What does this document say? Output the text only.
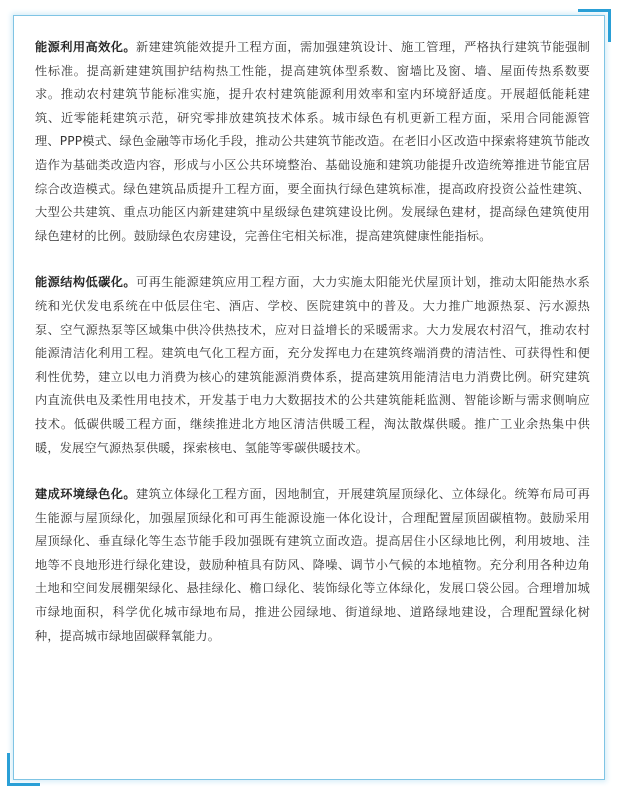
能源利用高效化。新建建筑能效提升工程方面，需加强建筑设计、施工管理，严格执行建筑节能强制性标准。提高新建建筑围护结构热工性能，提高建筑体型系数、窗墙比及窗、墙、屋面传热系数要求。推动农村建筑节能标准实施，提升农村建筑能源利用效率和室内环境舒适度。开展超低能耗建筑、近零能耗建筑示范，研究零排放建筑技术体系。城市绿色有机更新工程方面，采用合同能源管理、PPP模式、绿色金融等市场化手段，推动公共建筑节能改造。在老旧小区改造中探索将建筑节能改造作为基础类改造内容，形成与小区公共环境整治、基础设施和建筑功能提升改造统筹推进节能宜居综合改造模式。绿色建筑品质提升工程方面，要全面执行绿色建筑标准，提高政府投资公益性建筑、大型公共建筑、重点功能区内新建建筑中星级绿色建筑建设比例。发展绿色建材，提高绿色建筑使用绿色建材的比例。鼓励绿色农房建设，完善住宅相关标准，提高建筑健康性能指标。

能源结构低碳化。可再生能源建筑应用工程方面，大力实施太阳能光伏屋顶计划，推动太阳能热水系统和光伏发电系统在中低层住宅、酒店、学校、医院建筑中的普及。大力推广地源热泵、污水源热泵、空气源热泵等区域集中供冷供热技术，应对日益增长的采暖需求。大力发展农村沼气，推动农村能源清洁化利用工程。建筑电气化工程方面，充分发挥电力在建筑终端消费的清洁性、可获得性和便利性优势，建立以电力消费为核心的建筑能源消费体系，提高建筑用能清洁电力消费比例。研究建筑内直流供电及柔性用电技术，开发基于电力大数据技术的公共建筑能耗监测、智能诊断与需求侧响应技术。低碳供暖工程方面，继续推进北方地区清洁供暖工程，淘汰散煤供暖。推广工业余热集中供暖，发展空气源热泵供暖，探索核电、氢能等零碳供暖技术。

建成环境绿色化。建筑立体绿化工程方面，因地制宜，开展建筑屋顶绿化、立体绿化。统筹布局可再生能源与屋顶绿化，加强屋顶绿化和可再生能源设施一体化设计，合理配置屋顶固碳植物。鼓励采用屋顶绿化、垂直绿化等生态节能手段加强既有建筑立面改造。提高居住小区绿地比例，利用坡地、洼地等不良地形进行绿化建设，鼓励种植具有防风、降噪、调节小气候的本地植物。充分利用各种边角土地和空间发展棚架绿化、悬挂绿化、檐口绿化、装饰绿化等立体绿化，发展口袋公园。合理增加城市绿地面积，科学优化城市绿地布局，推进公园绿地、街道绿地、道路绿地建设，合理配置绿化树种，提高城市绿地固碳释氧能力。
